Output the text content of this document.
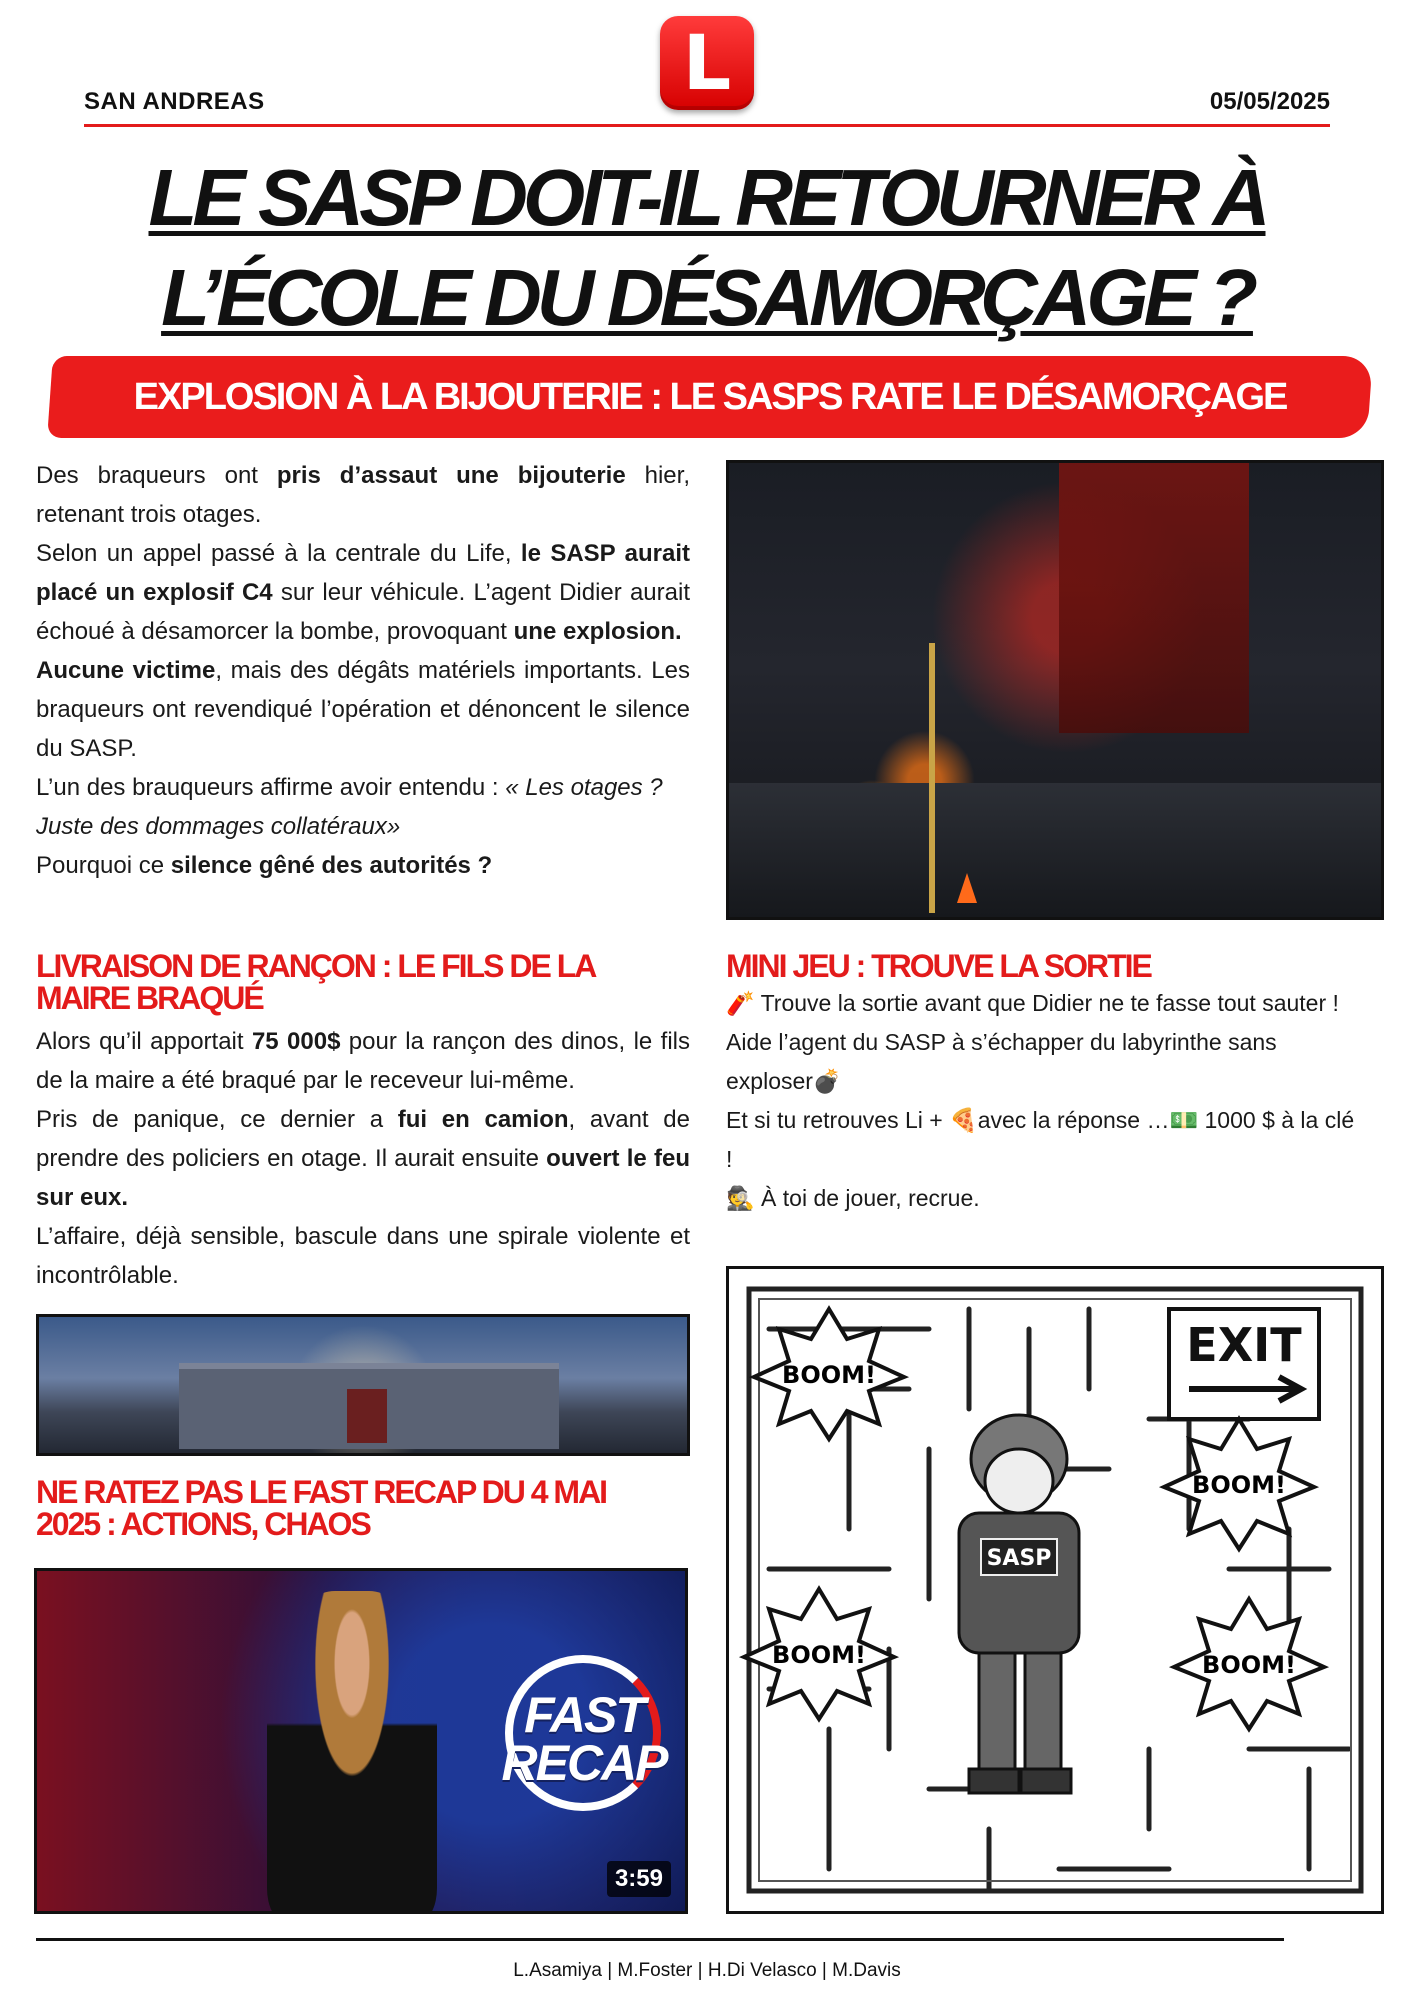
L
SAN ANDREAS	05/05/2025
LE SASP DOIT-IL RETOURNER À
L’ÉCOLE DU DÉSAMORÇAGE ?
EXPLOSION À LA BIJOUTERIE : LE SASPS RATE LE DÉSAMORÇAGE

Des braqueurs ont pris d’assaut une bijouterie hier, retenant trois otages.

Selon un appel passé à la centrale du Life, le SASP aurait placé un explosif C4 sur leur véhicule. L’agent Didier aurait échoué à désamorcer la bombe, provoquant une explosion.

Aucune victime, mais des dégâts matériels importants. Les braqueurs ont revendiqué l’opération et dénoncent le silence du SASP.

L’un des brauqueurs affirme avoir entendu : « Les otages ? Juste des dommages collatéraux»

Pourquoi ce silence gêné des autorités ?

LIVRAISON DE RANÇON : LE FILS DE LA MAIRE BRAQUÉ

Alors qu’il apportait 75 000$ pour la rançon des dinos, le fils de la maire a été braqué par le receveur lui-même.

Pris de panique, ce dernier a fui en camion, avant de prendre des policiers en otage. Il aurait ensuite ouvert le feu sur eux.

L’affaire, déjà sensible, bascule dans une spirale violente et incontrôlable.

NE RATEZ PAS LE FAST RECAP DU 4 MAI 2025 : ACTIONS, CHAOS
FAST
RECAP
3:59
MINI JEU : TROUVE LA SORTIE

🧨 Trouve la sortie avant que Didier ne te fasse tout sauter !

Aide l’agent du SASP à s’échapper du labyrinthe sans exploser💣

Et si tu retrouves Li + 🍕avec la réponse …💵 1000 $ à la clé !

🕵 À toi de jouer, recrue.

EXIT
BOOM!
BOOM!
BOOM!	BOOM!
SASP
L.Asamiya | M.Foster | H.Di Velasco | M.Davis
